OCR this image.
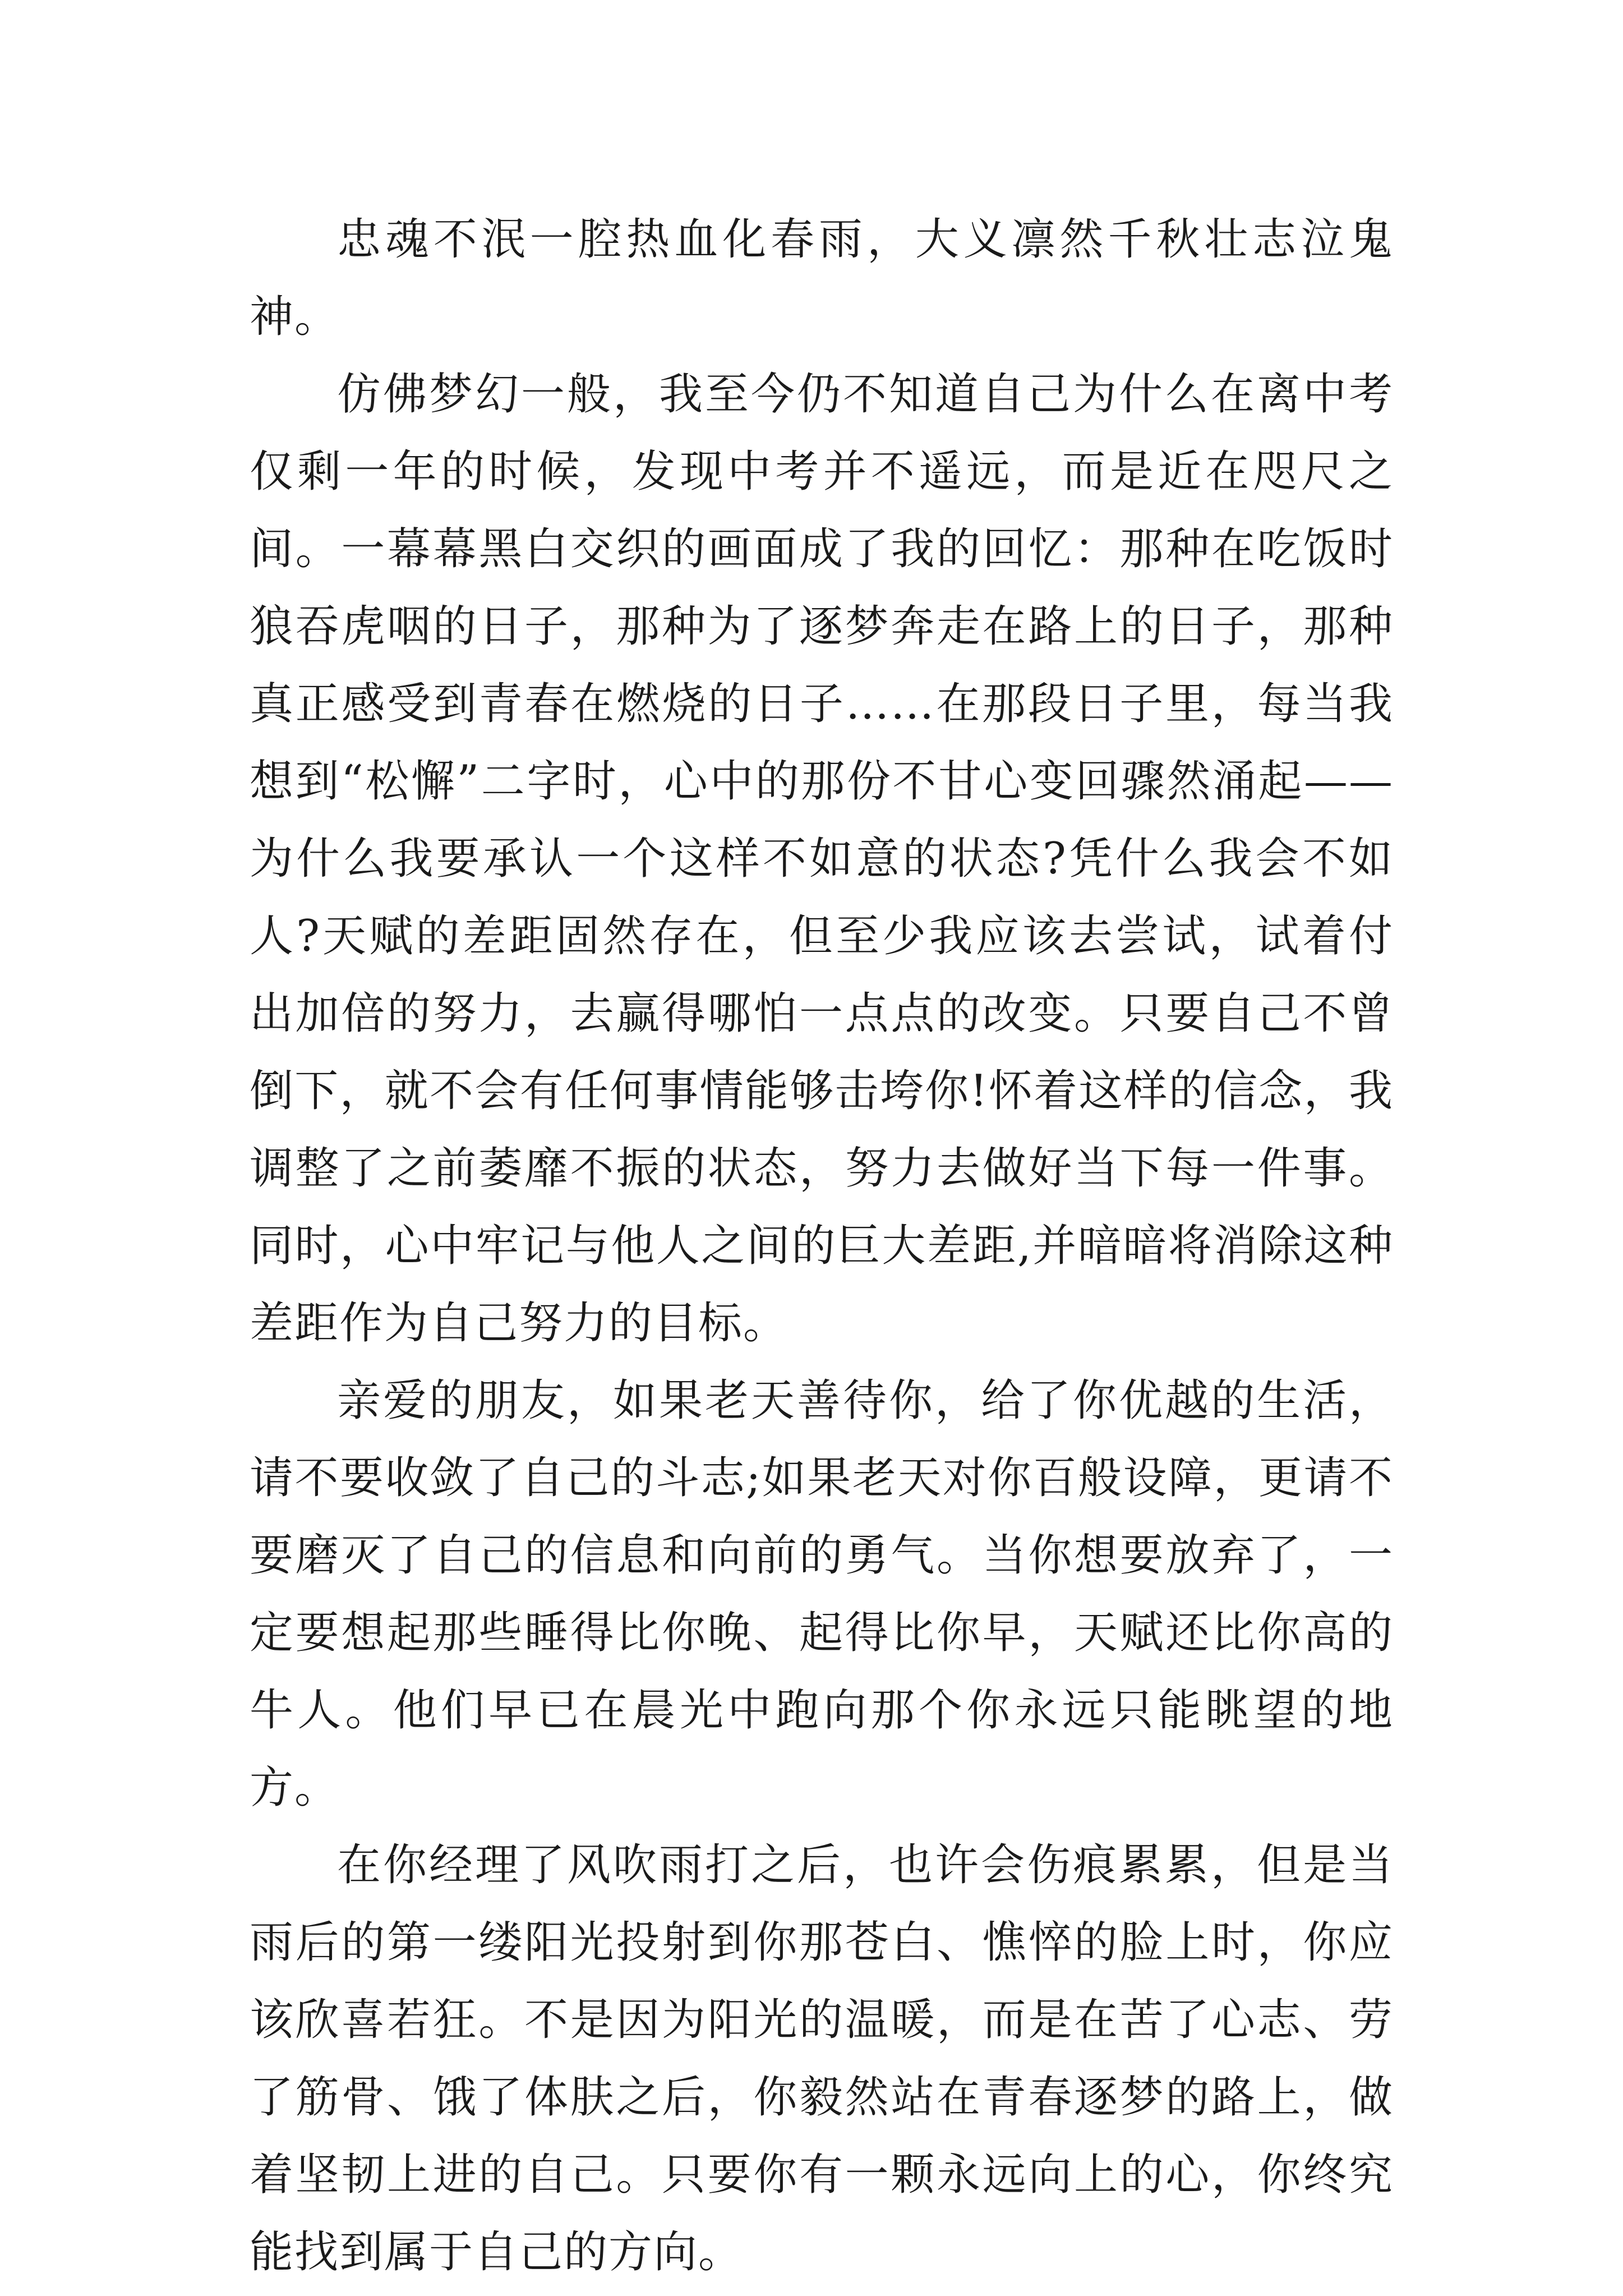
忠魂不泯一腔热血化春雨，大义凛然千秋壮志泣鬼神。

仿佛梦幻一般，我至今仍不知道自己为什么在离中考仅剩一年的时候，发现中考并不遥远，而是近在咫尺之间。一幕幕黑白交织的画面成了我的回忆：那种在吃饭时狼吞虎咽的日子，那种为了逐梦奔走在路上的日子，那种真正感受到青春在燃烧的日子……在那段日子里，每当我想到“松懈”二字时，心中的那份不甘心变回骤然涌起——为什么我要承认一个这样不如意的状态?凭什么我会不如人?天赋的差距固然存在，但至少我应该去尝试，试着付出加倍的努力，去赢得哪怕一点点的改变。只要自己不曾倒下，就不会有任何事情能够击垮你!怀着这样的信念，我调整了之前萎靡不振的状态，努力去做好当下每一件事。同时，心中牢记与他人之间的巨大差距,并暗暗将消除这种差距作为自己努力的目标。

亲爱的朋友，如果老天善待你，给了你优越的生活，请不要收敛了自己的斗志;如果老天对你百般设障，更请不要磨灭了自己的信息和向前的勇气。当你想要放弃了，一定要想起那些睡得比你晚、起得比你早，天赋还比你高的牛人。他们早已在晨光中跑向那个你永远只能眺望的地方。

在你经理了风吹雨打之后，也许会伤痕累累，但是当雨后的第一缕阳光投射到你那苍白、憔悴的脸上时，你应该欣喜若狂。不是因为阳光的温暖，而是在苦了心志、劳了筋骨、饿了体肤之后，你毅然站在青春逐梦的路上，做着坚韧上进的自己。只要你有一颗永远向上的心，你终究能找到属于自己的方向。
